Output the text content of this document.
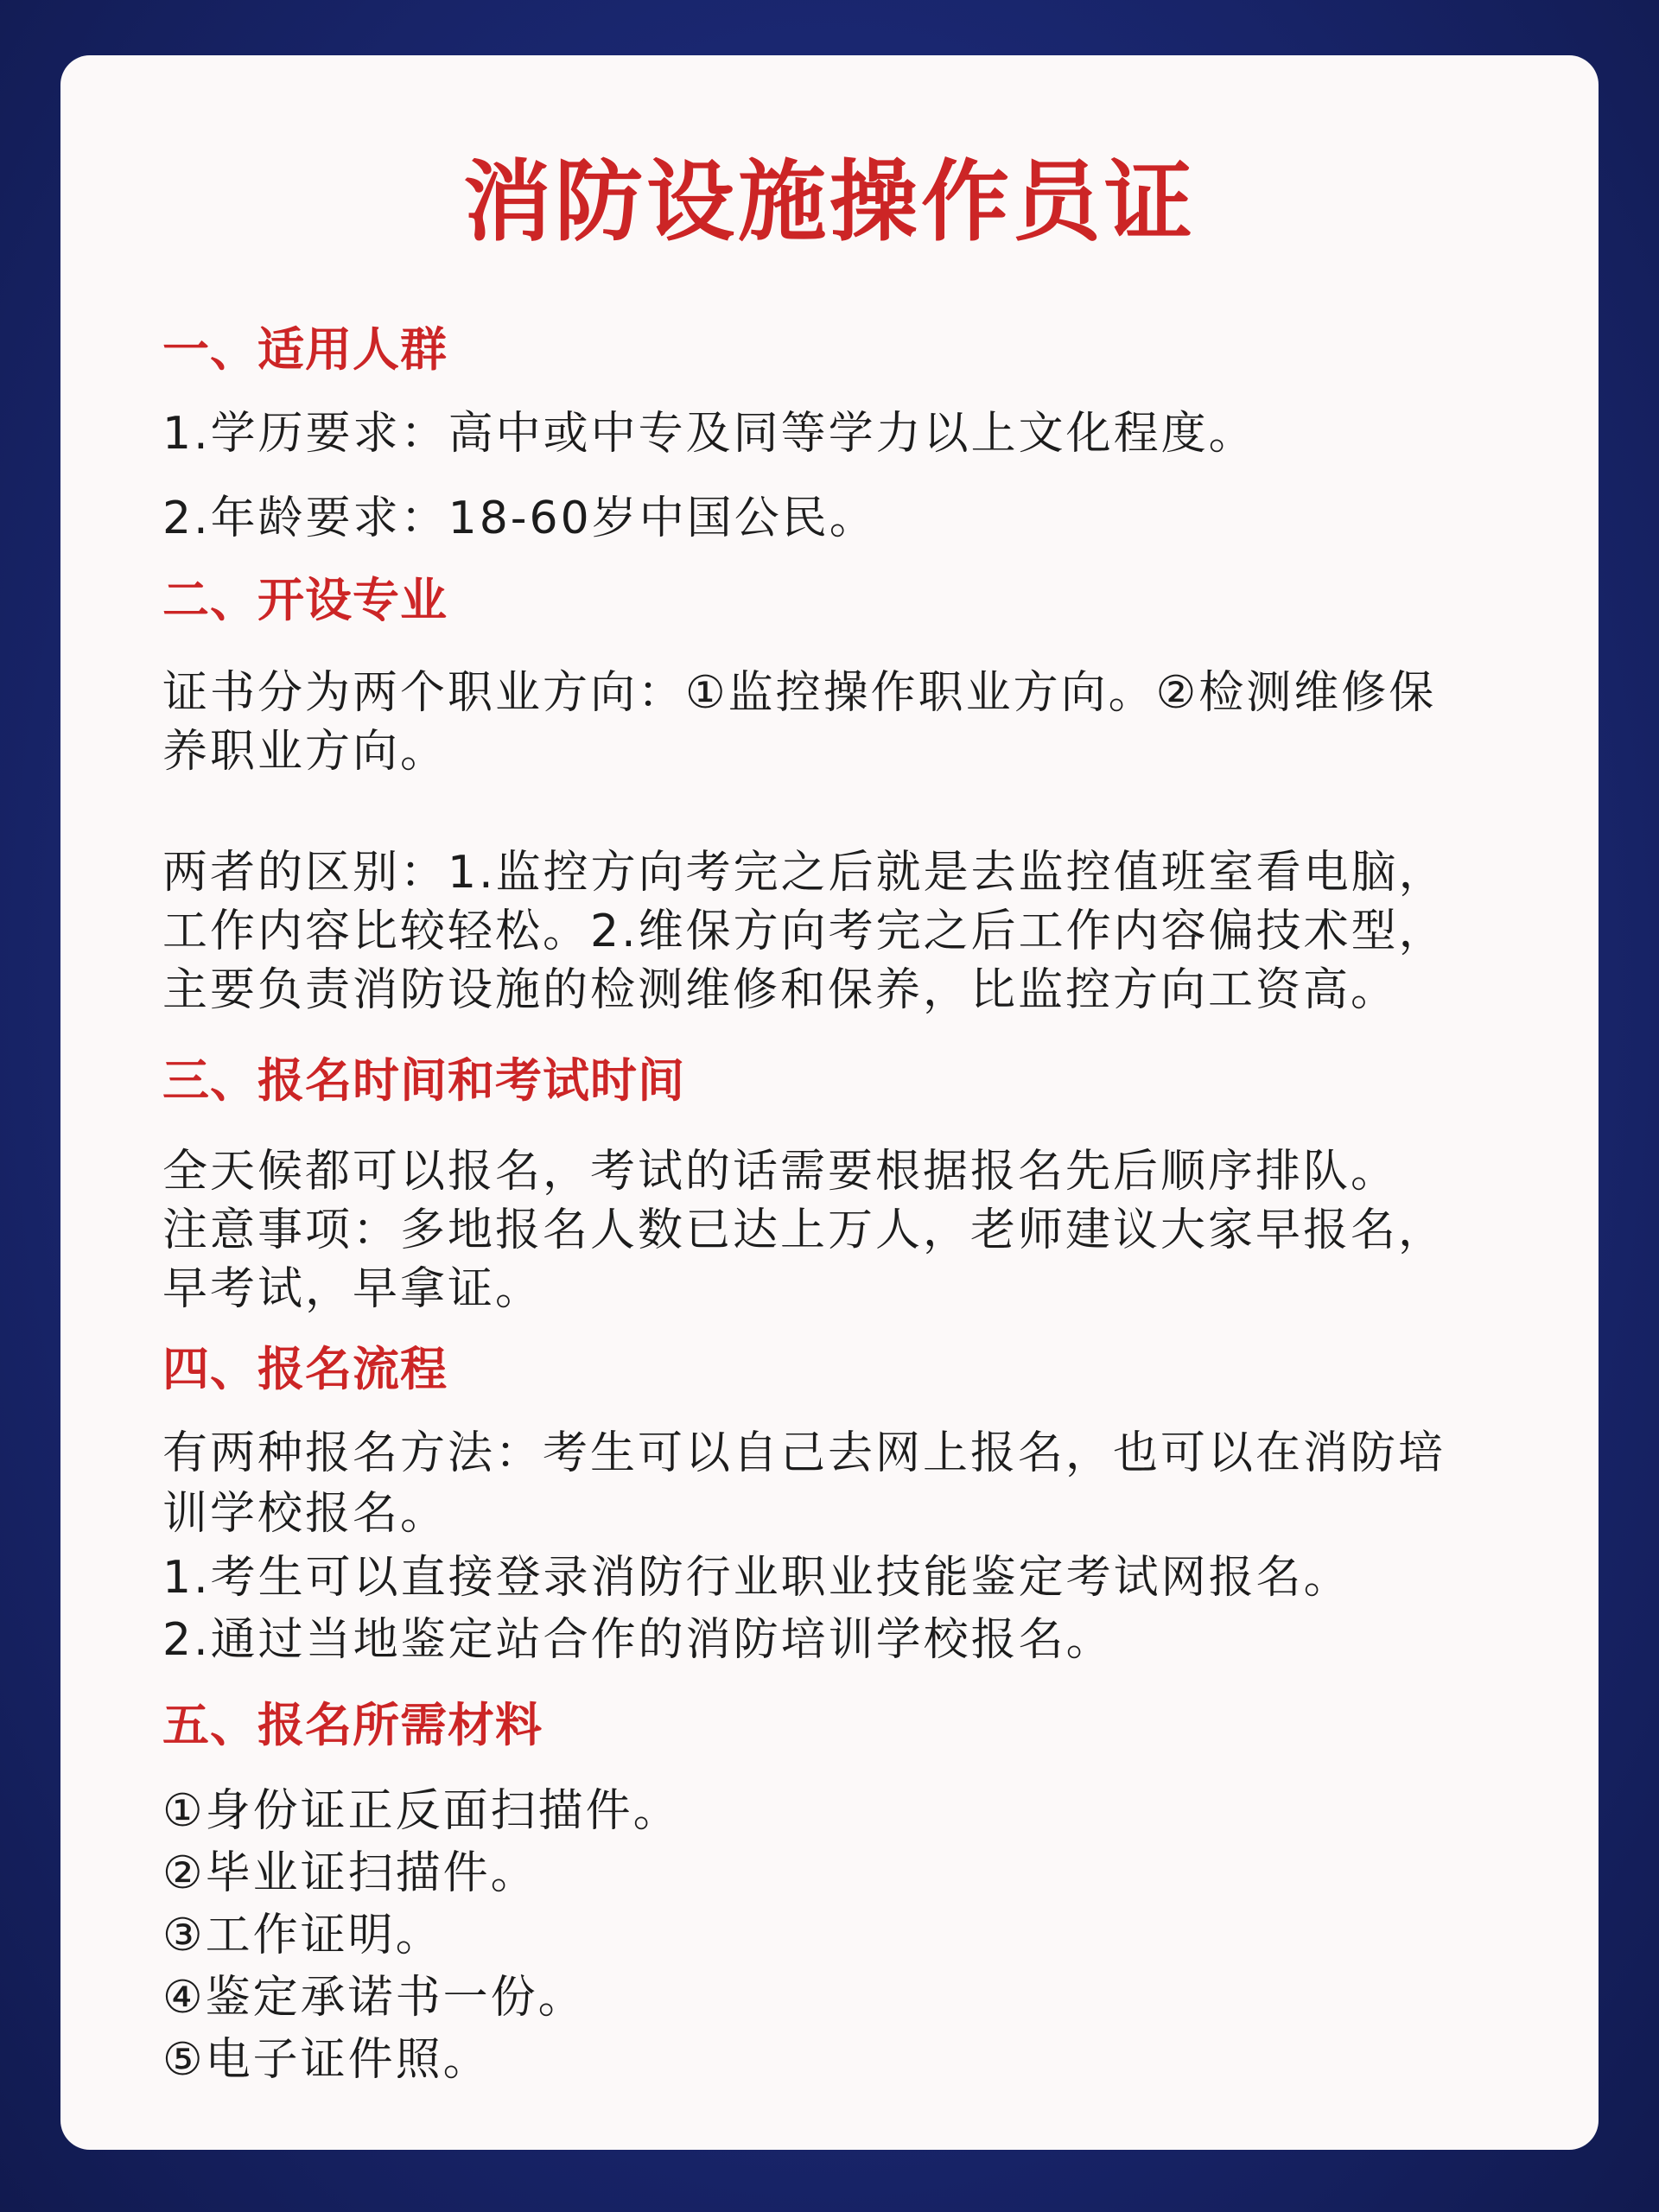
消防设施操作员证
一、适用人群
1.学历要求：高中或中专及同等学力以上文化程度。
2.年龄要求：18-60岁中国公民。
二、开设专业
证书分为两个职业方向：①监控操作职业方向。②检测维修保
养职业方向。
两者的区别：1.监控方向考完之后就是去监控值班室看电脑，
工作内容比较轻松。2.维保方向考完之后工作内容偏技术型，
主要负责消防设施的检测维修和保养，比监控方向工资高。
三、报名时间和考试时间
全天候都可以报名，考试的话需要根据报名先后顺序排队。
注意事项：多地报名人数已达上万人，老师建议大家早报名，
早考试，早拿证。
四、报名流程
有两种报名方法：考生可以自己去网上报名，也可以在消防培
训学校报名。
1.考生可以直接登录消防行业职业技能鉴定考试网报名。
2.通过当地鉴定站合作的消防培训学校报名。
五、报名所需材料
①身份证正反面扫描件。
②毕业证扫描件。
③工作证明。
④鉴定承诺书一份。
⑤电子证件照。
